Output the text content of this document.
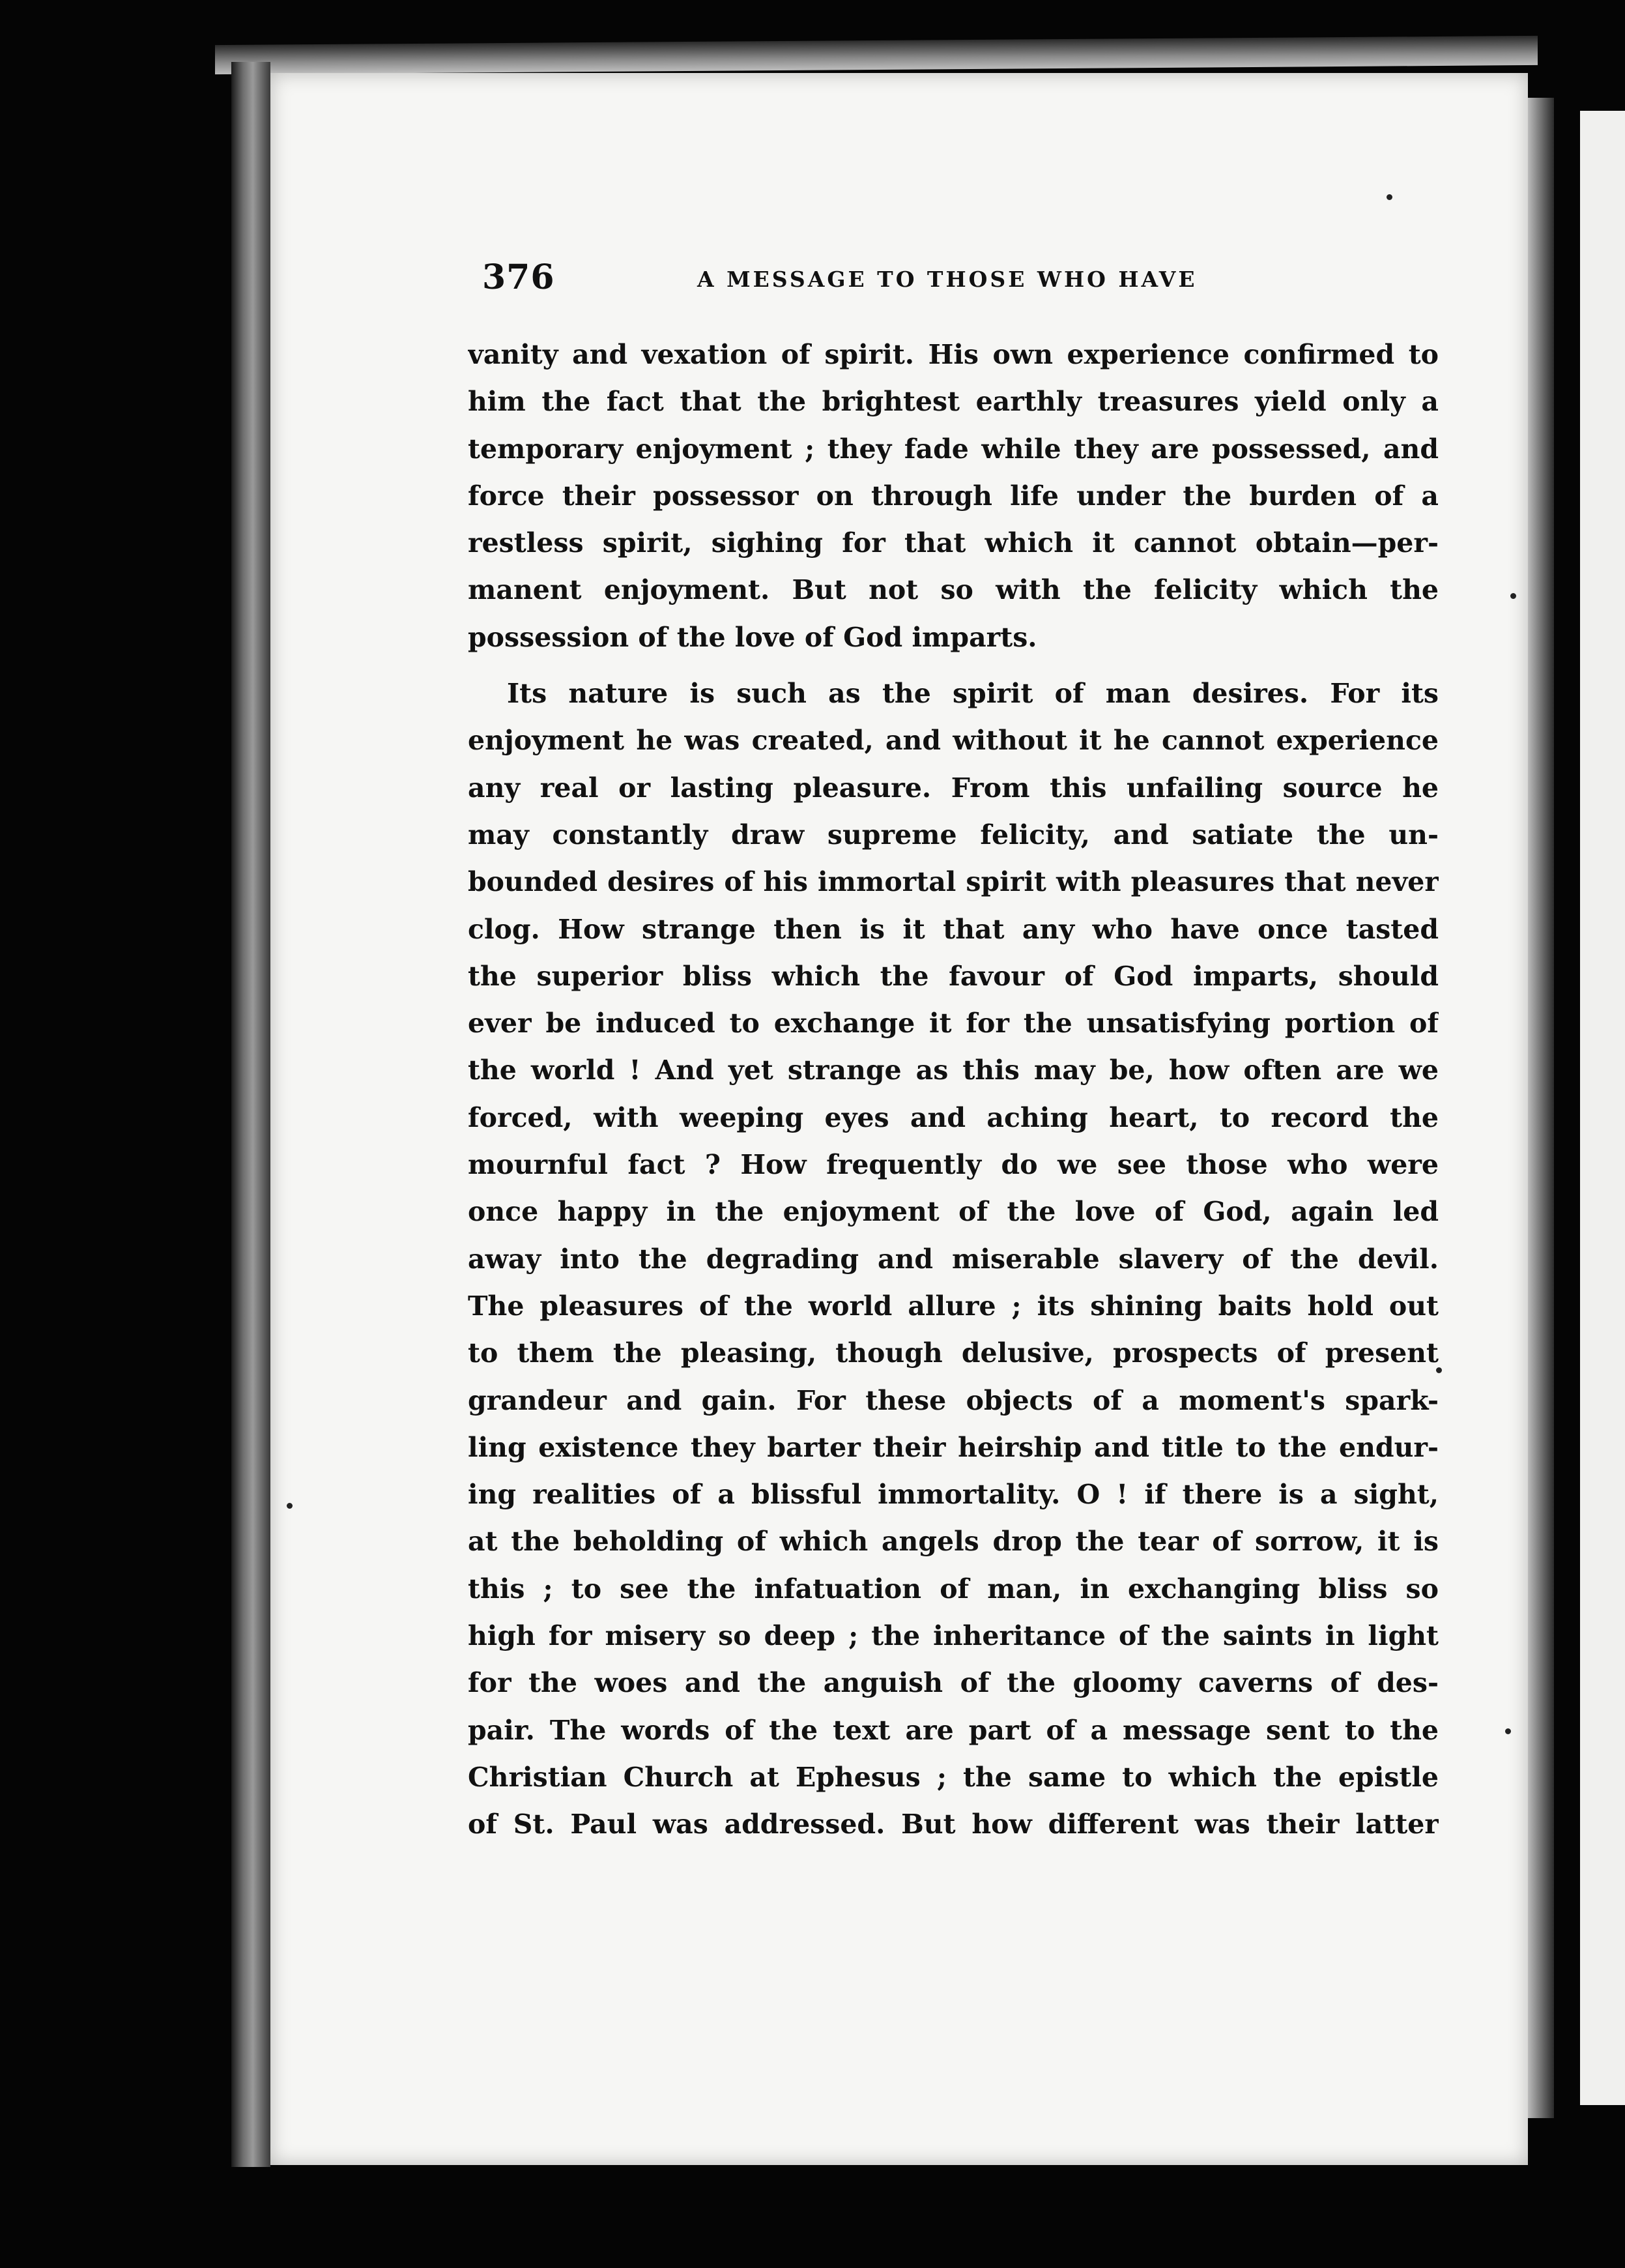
376	A MESSAGE TO THOSE WHO HAVE
vanity and vexation of spirit. His own experience confirmed to
him the fact that the brightest earthly treasures yield only a
temporary enjoyment ; they fade while they are possessed, and
force their possessor on through life under the burden of a
restless spirit, sighing for that which it cannot obtain—per-
manent enjoyment. But not so with the felicity which the
possession of the love of God imparts.
Its nature is such as the spirit of man desires. For its
enjoyment he was created, and without it he cannot experience
any real or lasting pleasure. From this unfailing source he
may constantly draw supreme felicity, and satiate the un-
bounded desires of his immortal spirit with pleasures that never
clog. How strange then is it that any who have once tasted
the superior bliss which the favour of God imparts, should
ever be induced to exchange it for the unsatisfying portion of
the world ! And yet strange as this may be, how often are we
forced, with weeping eyes and aching heart, to record the
mournful fact ? How frequently do we see those who were
once happy in the enjoyment of the love of God, again led
away into the degrading and miserable slavery of the devil.
The pleasures of the world allure ; its shining baits hold out
to them the pleasing, though delusive, prospects of present
grandeur and gain. For these objects of a moment's spark-
ling existence they barter their heirship and title to the endur-
ing realities of a blissful immortality. O ! if there is a sight,
at the beholding of which angels drop the tear of sorrow, it is
this ; to see the infatuation of man, in exchanging bliss so
high for misery so deep ; the inheritance of the saints in light
for the woes and the anguish of the gloomy caverns of des-
pair. The words of the text are part of a message sent to the
Christian Church at Ephesus ; the same to which the epistle
of St. Paul was addressed. But how different was their latter
